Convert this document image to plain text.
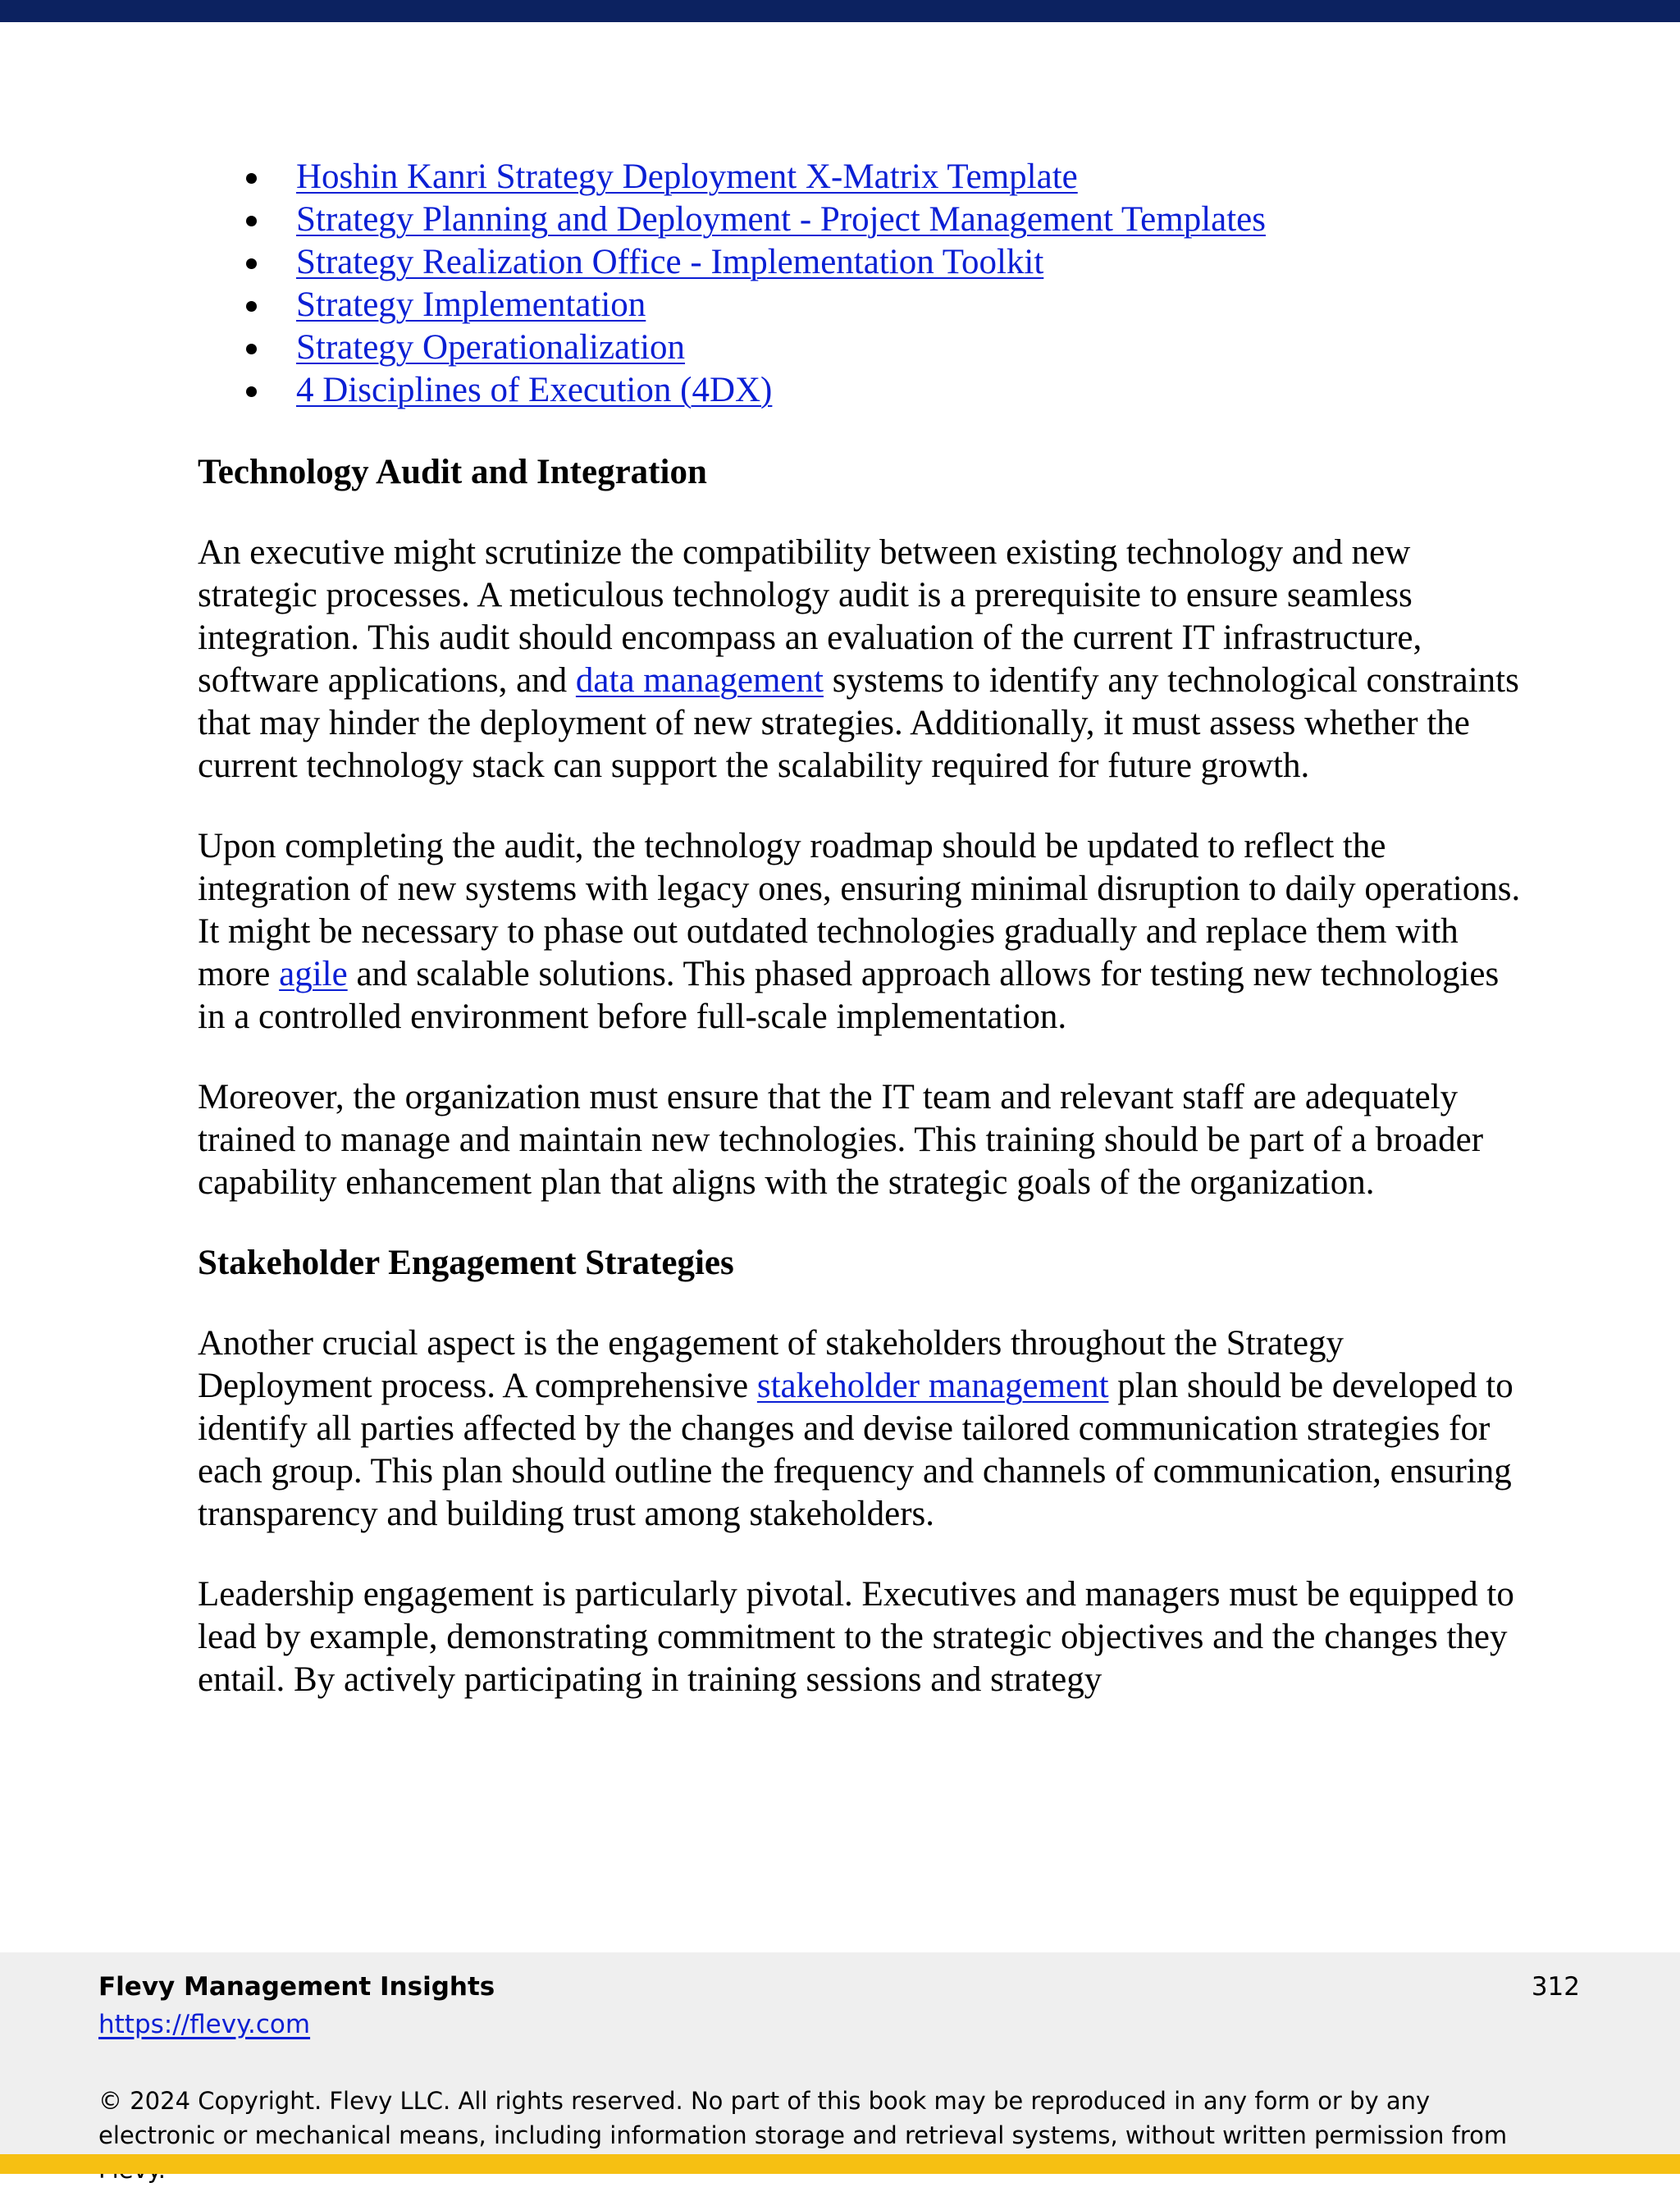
Hoshin Kanri Strategy Deployment X-Matrix Template
Strategy Planning and Deployment - Project Management Templates
Strategy Realization Office - Implementation Toolkit
Strategy Implementation
Strategy Operationalization
4 Disciplines of Execution (4DX)
Technology Audit and Integration

An executive might scrutinize the compatibility between existing technology and new strategic processes. A meticulous technology audit is a prerequisite to ensure seamless integration. This audit should encompass an evaluation of the current IT infrastructure, software applications, and data management systems to identify any technological constraints that may hinder the deployment of new strategies. Additionally, it must assess whether the current technology stack can support the scalability required for future growth.

Upon completing the audit, the technology roadmap should be updated to reflect the integration of new systems with legacy ones, ensuring minimal disruption to daily operations. It might be necessary to phase out outdated technologies gradually and replace them with more agile and scalable solutions. This phased approach allows for testing new technologies in a controlled environment before full-scale implementation.

Moreover, the organization must ensure that the IT team and relevant staff are adequately trained to manage and maintain new technologies. This training should be part of a broader capability enhancement plan that aligns with the strategic goals of the organization.

Stakeholder Engagement Strategies

Another crucial aspect is the engagement of stakeholders throughout the Strategy Deployment process. A comprehensive stakeholder management plan should be developed to identify all parties affected by the changes and devise tailored communication strategies for each group. This plan should outline the frequency and channels of communication, ensuring transparency and building trust among stakeholders.

Leadership engagement is particularly pivotal. Executives and managers must be equipped to lead by example, demonstrating commitment to the strategic objectives and the changes they entail. By actively participating in training sessions and strategy

Flevy Management Insights
https://flevy.com
312
© 2024 Copyright. Flevy LLC. All rights reserved. No part of this book may be reproduced in any form or by any electronic or mechanical means, including information storage and retrieval systems, without written permission from
